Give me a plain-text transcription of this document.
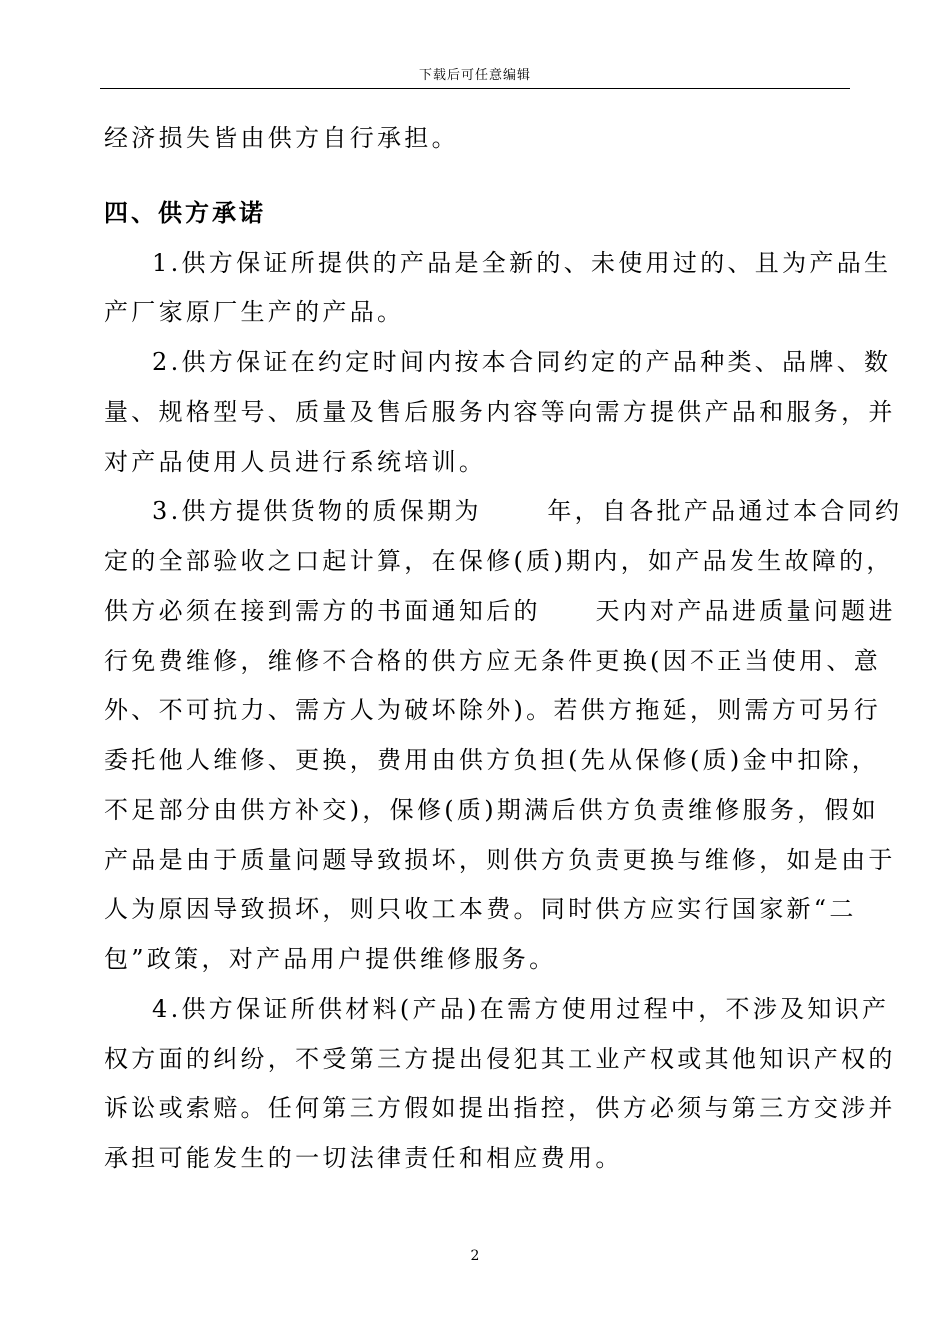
下载后可任意编辑
经济损失皆由供方自行承担。
四、供方承诺
1.供方保证所提供的产品是全新的、未使用过的、且为产品生
产厂家原厂生产的产品。
2.供方保证在约定时间内按本合同约定的产品种类、品牌、数
量、规格型号、质量及售后服务内容等向需方提供产品和服务，并
对产品使用人员进行系统培训。
3.供方提供货物的质保期为      年，自各批产品通过本合同约
定的全部验收之口起计算，在保修(质)期内，如产品发生故障的，
供方必须在接到需方的书面通知后的     天内对产品进质量问题进
行免费维修，维修不合格的供方应无条件更换(因不正当使用、意
外、不可抗力、需方人为破坏除外)。若供方拖延，则需方可另行
委托他人维修、更换，费用由供方负担(先从保修(质)金中扣除，
不足部分由供方补交)，保修(质)期满后供方负责维修服务，假如
产品是由于质量问题导致损坏，则供方负责更换与维修，如是由于
人为原因导致损坏，则只收工本费。同时供方应实行国家新“二
包”政策，对产品用户提供维修服务。
4.供方保证所供材料(产品)在需方使用过程中，不涉及知识产
权方面的纠纷，不受第三方提出侵犯其工业产权或其他知识产权的
诉讼或索赔。任何第三方假如提出指控，供方必须与第三方交涉并
承担可能发生的一切法律责任和相应费用。
2
